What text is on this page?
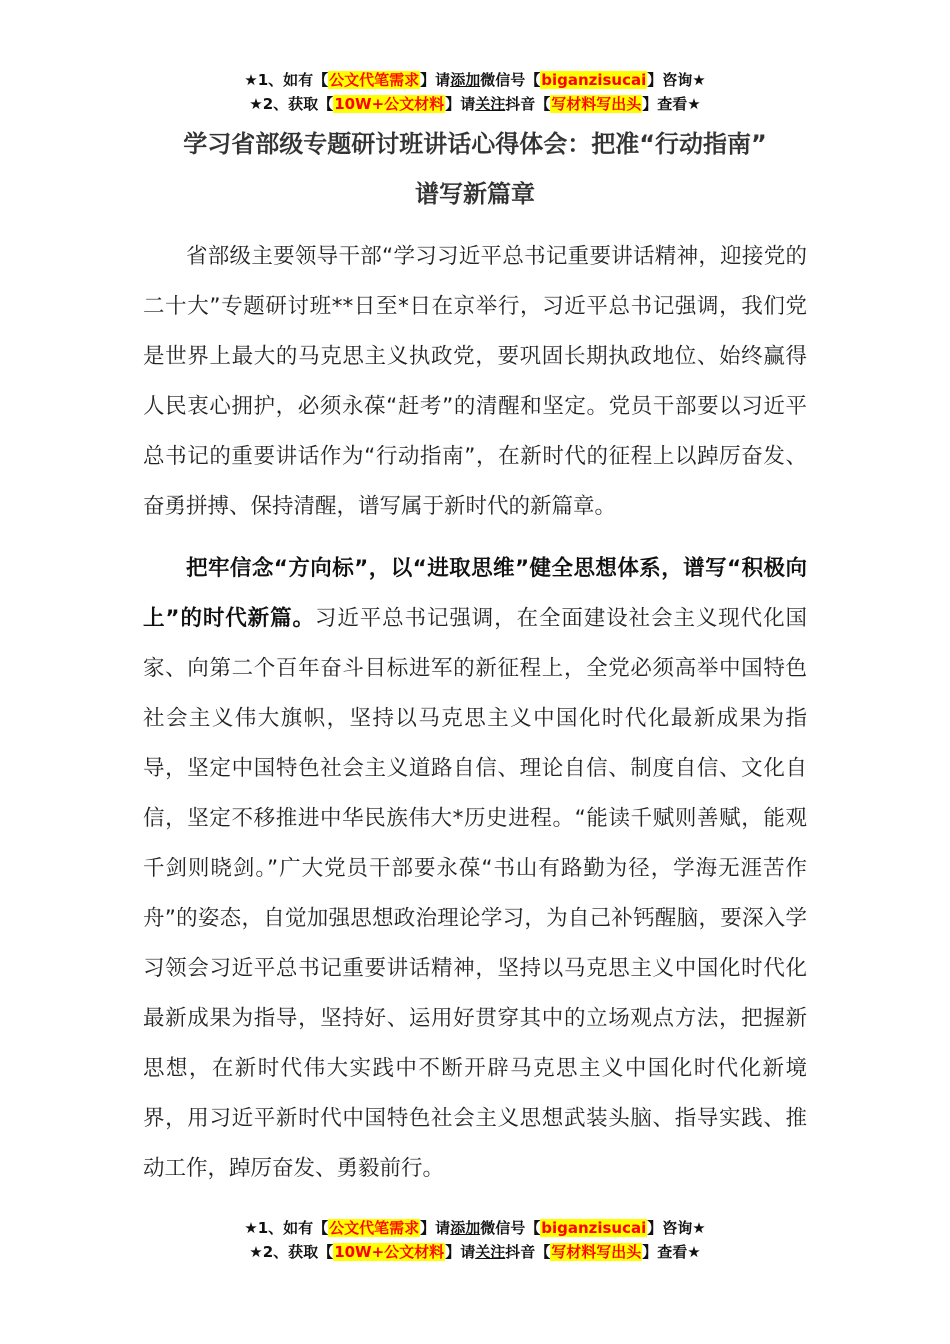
★1、如有【公文代笔需求】请添加微信号【biganzisucai】咨询★
★2、获取【10W+公文材料】请关注抖音【写材料写出头】查看★
学习省部级专题研讨班讲话心得体会：把准“行动指南”
谱写新篇章

省部级主要领导干部“学习习近平总书记重要讲话精神，迎接党的二十大”专题研讨班**日至*日在京举行，习近平总书记强调，我们党是世界上最大的马克思主义执政党，要巩固长期执政地位、始终赢得人民衷心拥护，必须永葆“赶考”的清醒和坚定。党员干部要以习近平总书记的重要讲话作为“行动指南”，在新时代的征程上以踔厉奋发、奋勇拼搏、保持清醒，谱写属于新时代的新篇章。

把牢信念“方向标”，以“进取思维”健全思想体系，谱写“积极向上”的时代新篇。习近平总书记强调，在全面建设社会主义现代化国家、向第二个百年奋斗目标进军的新征程上，全党必须高举中国特色社会主义伟大旗帜，坚持以马克思主义中国化时代化最新成果为指导，坚定中国特色社会主义道路自信、理论自信、制度自信、文化自信，坚定不移推进中华民族伟大*历史进程。“能读千赋则善赋，能观千剑则晓剑。”广大党员干部要永葆“书山有路勤为径，学海无涯苦作舟”的姿态，自觉加强思想政治理论学习，为自己补钙醒脑，要深入学习领会习近平总书记重要讲话精神，坚持以马克思主义中国化时代化最新成果为指导，坚持好、运用好贯穿其中的立场观点方法，把握新思想，在新时代伟大实践中不断开辟马克思主义中国化时代化新境界，用习近平新时代中国特色社会主义思想武装头脑、指导实践、推动工作，踔厉奋发、勇毅前行。

★1、如有【公文代笔需求】请添加微信号【biganzisucai】咨询★
★2、获取【10W+公文材料】请关注抖音【写材料写出头】查看★
